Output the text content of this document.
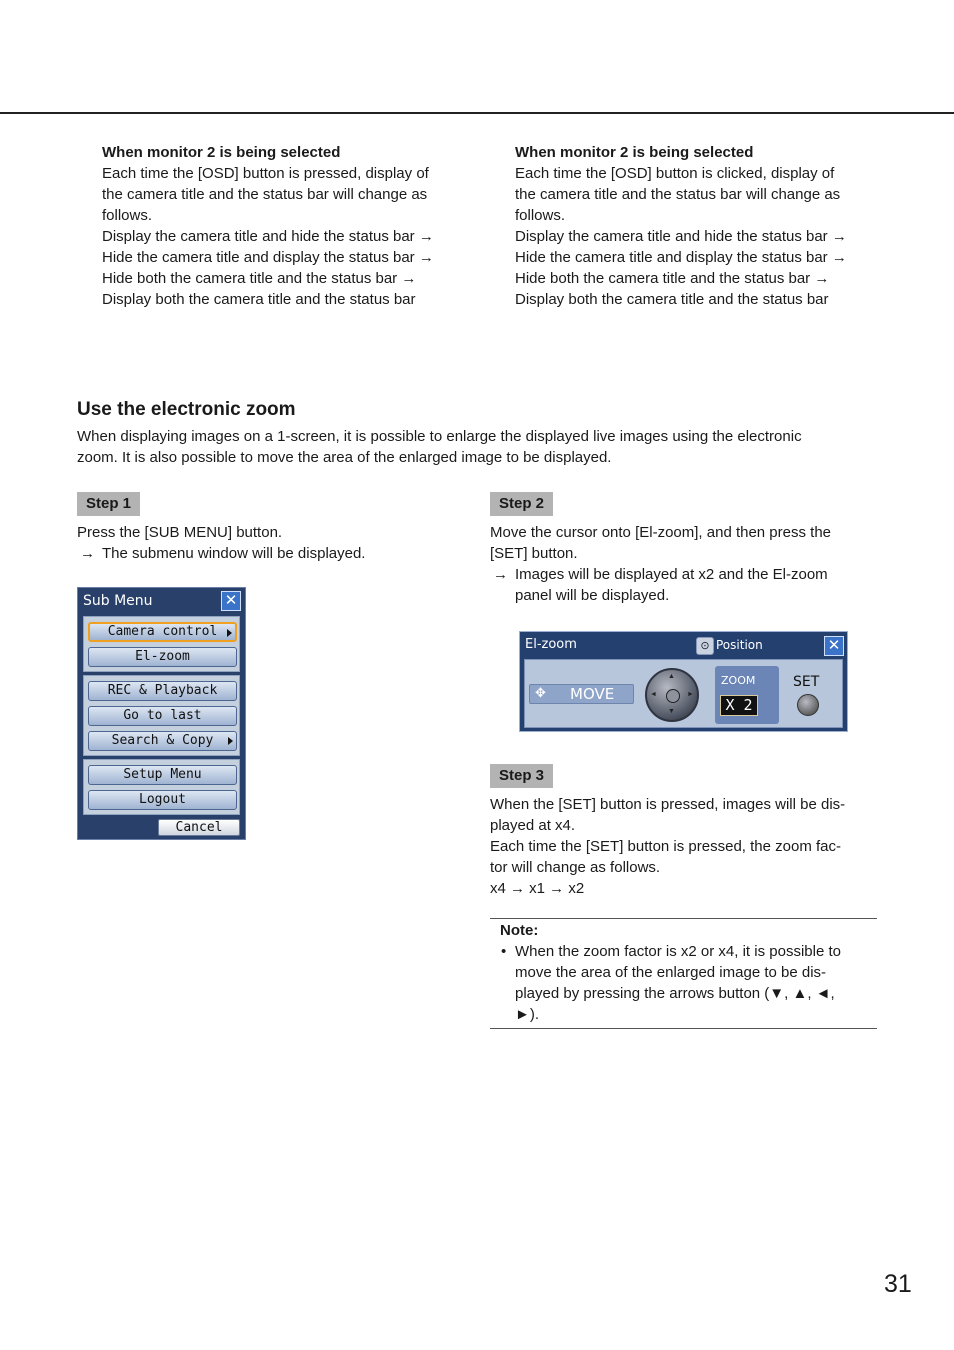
When monitor 2 is being selected

Each time the [OSD] button is pressed, display of

the camera title and the status bar will change as

follows.

Display the camera title and hide the status bar →

Hide the camera title and display the status bar →

Hide both the camera title and the status bar →

Display both the camera title and the status bar

When monitor 2 is being selected

Each time the [OSD] button is clicked, display of

the camera title and the status bar will change as

follows.

Display the camera title and hide the status bar →

Hide the camera title and display the status bar →

Hide both the camera title and the status bar →

Display both the camera title and the status bar

Use the electronic zoom

When displaying images on a 1-screen, it is possible to enlarge the displayed live images using the electronic

zoom. It is also possible to move the area of the enlarged image to be displayed.

Step 1

Press the [SUB MENU] button.

→ The submenu window will be displayed.

Sub Menu	✕
Camera control
El-zoom
REC & Playback
Go to last
Search & Copy
Setup Menu
Logout
Cancel
Step 2

Move the cursor onto [El-zoom], and then press the

[SET] button.

→ Images will be displayed at x2 and the El-zoom

panel will be displayed.

El-zoom	⊙ Position	✕
✥ MOVE
▲
▼
◄	►
ZOOM
X 2
SET
Step 3

When the [SET] button is pressed, images will be dis-

played at x4.

Each time the [SET] button is pressed, the zoom fac-

tor will change as follows.

x4 → x1 → x2

Note:

• When the zoom factor is x2 or x4, it is possible to

move the area of the enlarged image to be dis-

played by pressing the arrows button (▼, ▲, ◄,

►).

31
